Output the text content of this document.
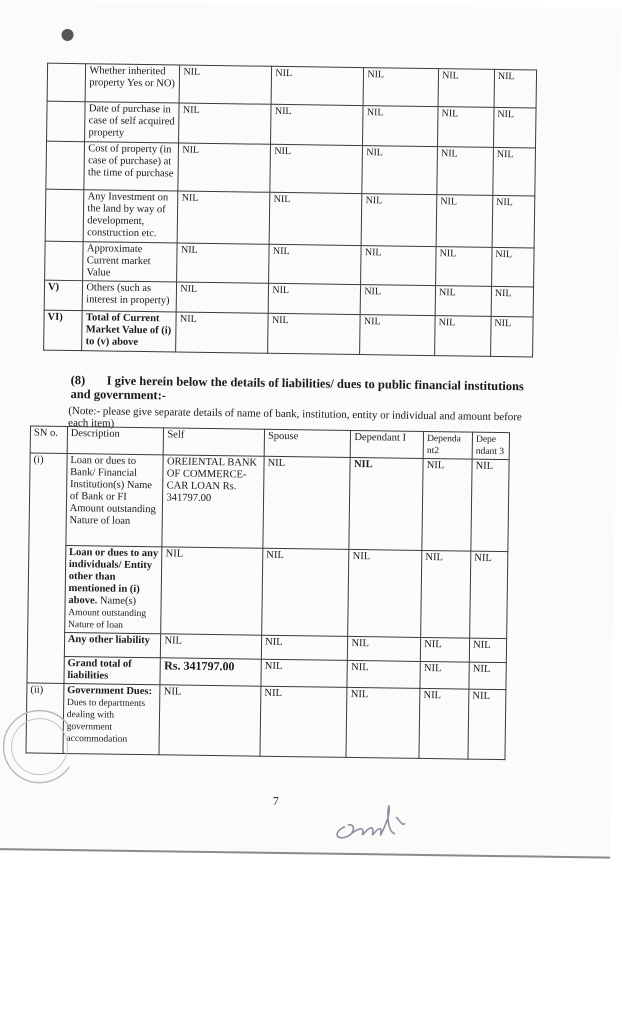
	Whether inherited property Yes or NO)	NIL	NIL	NIL	NIL	NIL
	Date of purchase in case of self acquired property	NIL	NIL	NIL	NIL	NIL
	Cost of property (in case of purchase) at the time of purchase	NIL	NIL	NIL	NIL	NIL
	Any Investment on the land by way of development, construction etc.	NIL	NIL	NIL	NIL	NIL
	Approximate Current market Value	NIL	NIL	NIL	NIL	NIL
V)	Others (such as interest in property)	NIL	NIL	NIL	NIL	NIL
VI)	Total of Current Market Value of (i) to (v) above	NIL	NIL	NIL	NIL	NIL
(8) I give herein below the details of liabilities/ dues to public financial institutions and government:-
(Note:- please give separate details of name of bank, institution, entity or individual and amount before each item)
SN o.	Description	Self	Spouse	Dependant I	Dependa nt2	Depe ndant 3
(i)	Loan or dues to Bank/ Financial Institution(s) Name of Bank or FI Amount outstanding Nature of loan	OREIENTAL BANK OF COMMERCE-CAR LOAN Rs. 341797.00	NIL	NIL	NIL	NIL
	Loan or dues to any individuals/ Entity other than mentioned in (i) above. Name(s)
Amount outstanding Nature of loan	NIL	NIL	NIL	NIL	NIL
	Any other liability	NIL	NIL	NIL	NIL	NIL
	Grand total of liabilities	Rs. 341797.00	NIL	NIL	NIL	NIL
(ii)	Government Dues:
Dues to departments dealing with government accommodation	NIL	NIL	NIL	NIL	NIL
7
